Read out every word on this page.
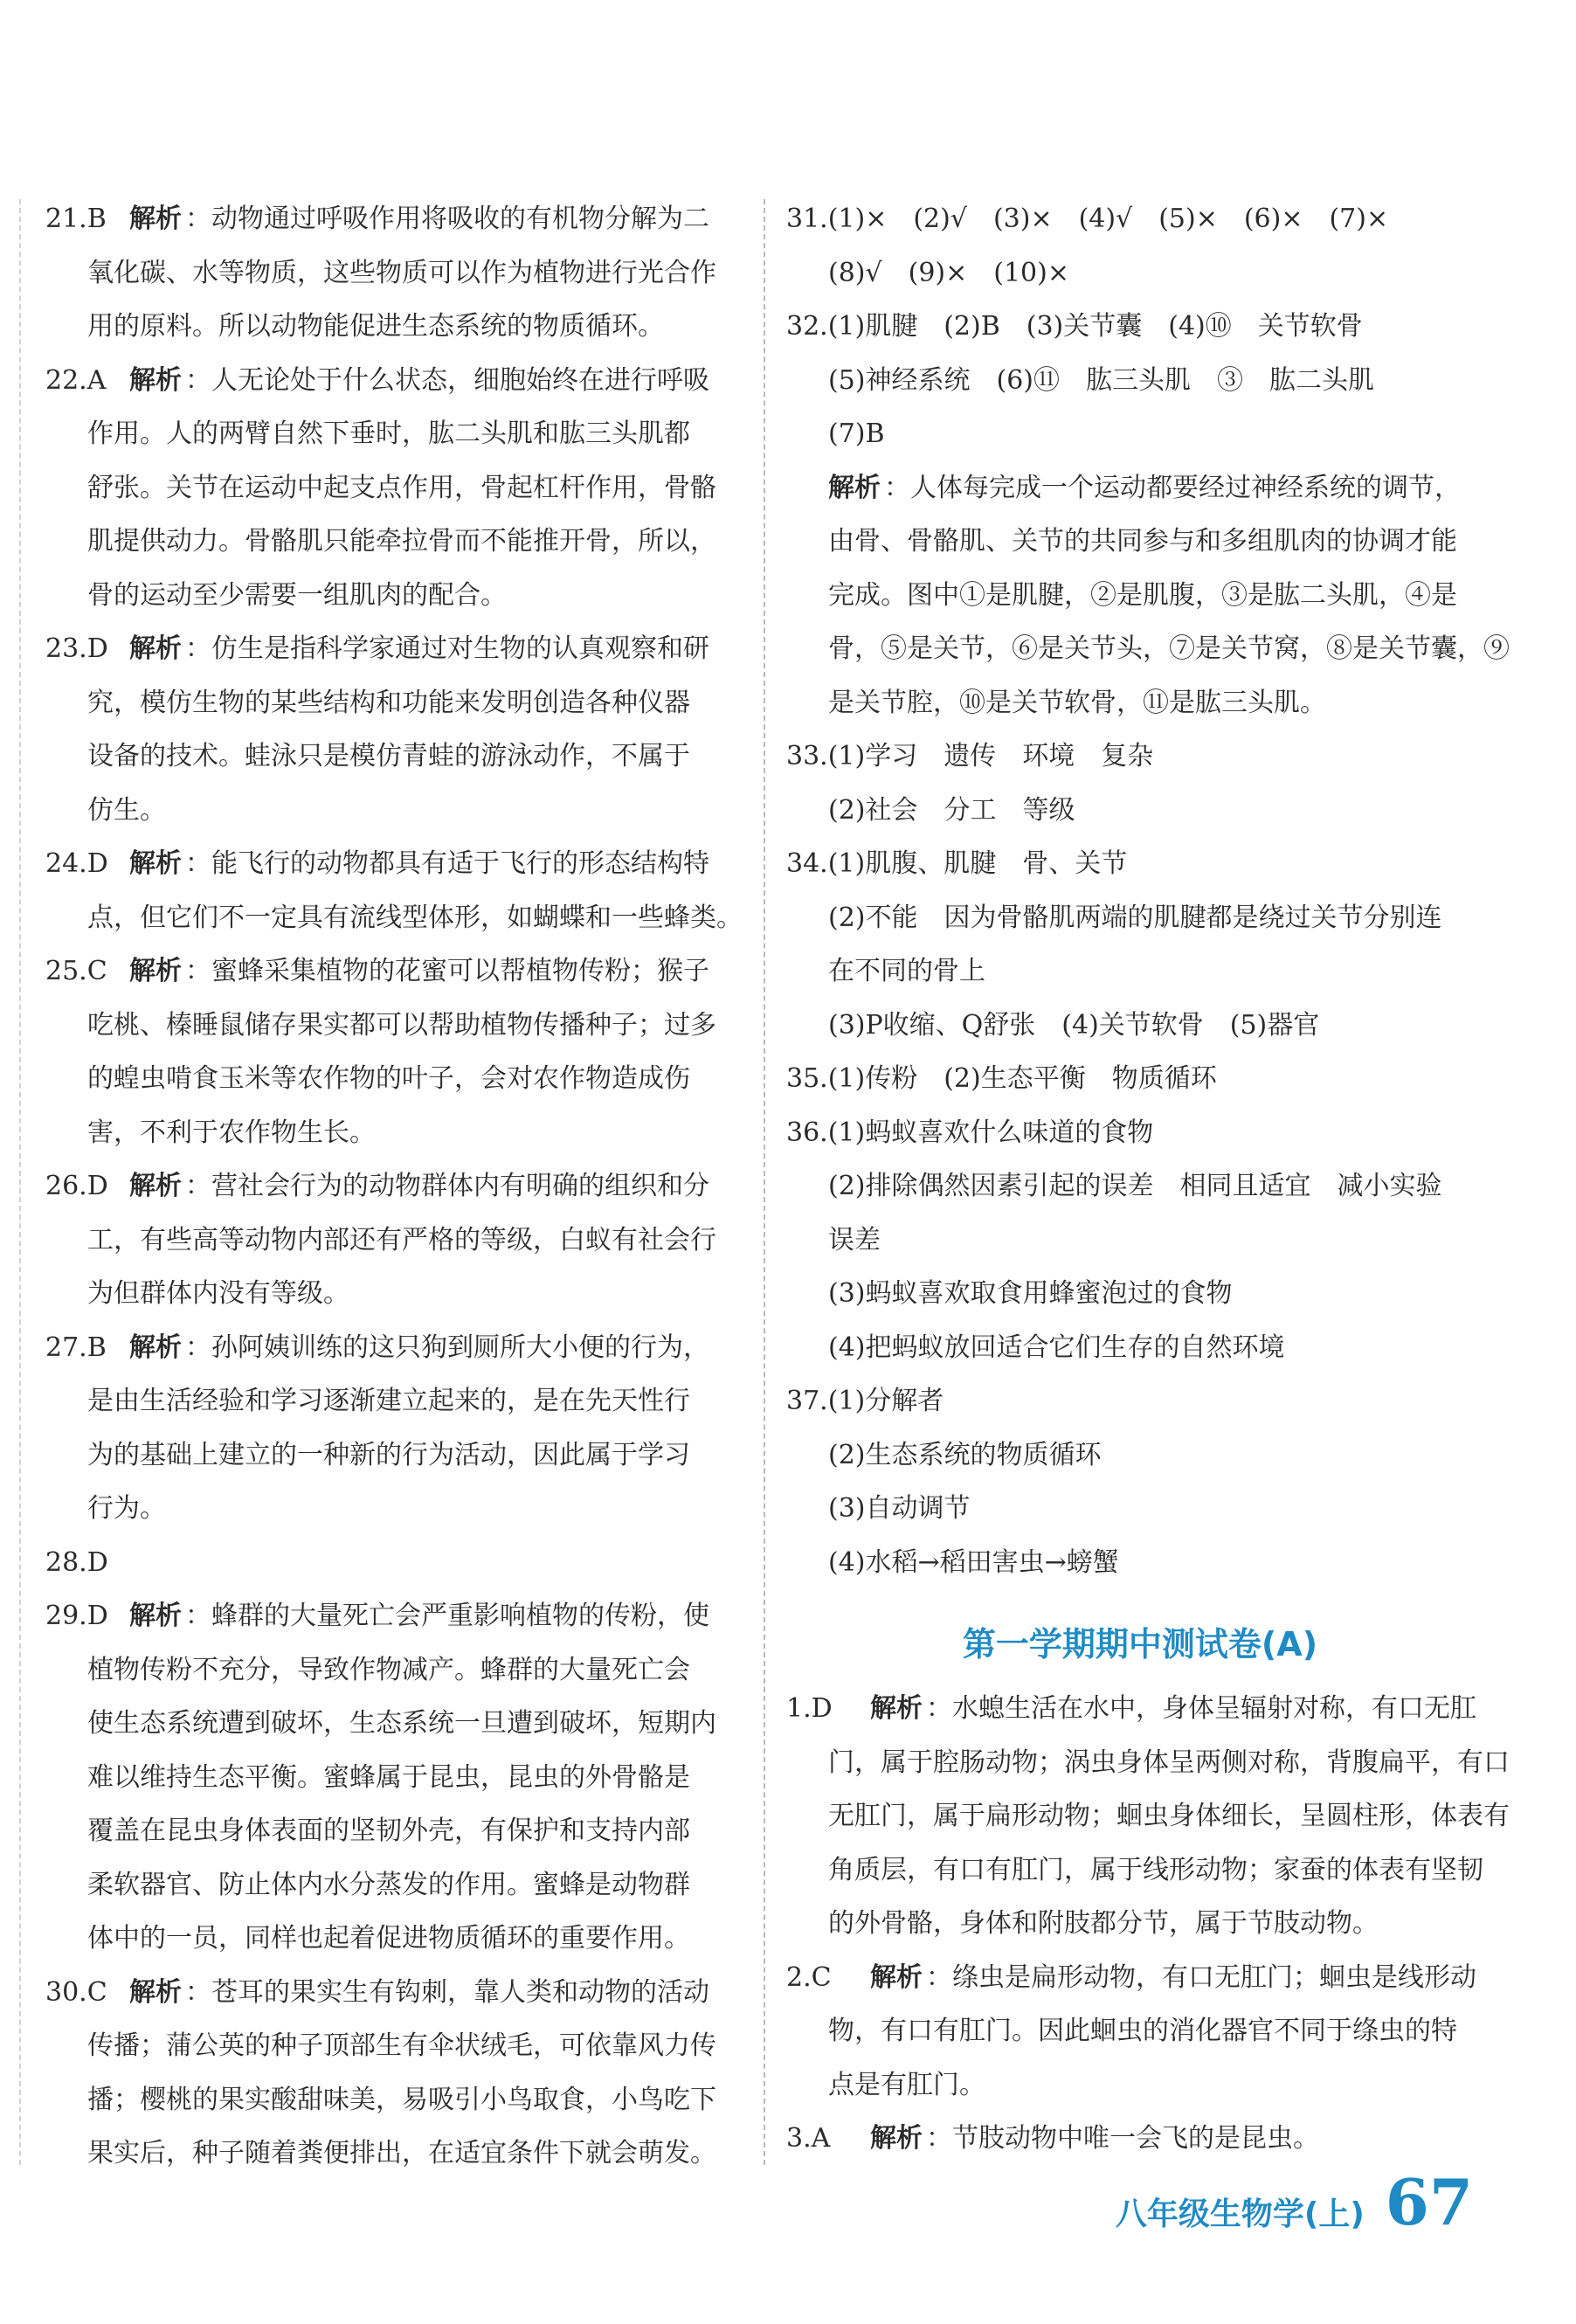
21.B 解析 ：动物通过呼吸作用将吸收的有机物分解为二
氧化碳、水等物质，这些物质可以作为植物进行光合作
用的原料。所以动物能促进生态系统的物质循环。
22.A 解析 ：人无论处于什么状态，细胞始终在进行呼吸
作用。人的两臂自然下垂时，肱二头肌和肱三头肌都
舒张。关节在运动中起支点作用，骨起杠杆作用，骨骼
肌提供动力。骨骼肌只能牵拉骨而不能推开骨，所以，
骨的运动至少需要一组肌肉的配合。
23.D 解析 ：仿生是指科学家通过对生物的认真观察和研
究，模仿生物的某些结构和功能来发明创造各种仪器
设备的技术。蛙泳只是模仿青蛙的游泳动作，不属于
仿生。
24.D 解析 ：能飞行的动物都具有适于飞行的形态结构特
点，但它们不一定具有流线型体形，如蝴蝶和一些蜂类。
25.C 解析 ：蜜蜂采集植物的花蜜可以帮植物传粉；猴子
吃桃、榛睡鼠储存果实都可以帮助植物传播种子；过多
的蝗虫啃食玉米等农作物的叶子，会对农作物造成伤
害，不利于农作物生长。
26.D 解析 ：营社会行为的动物群体内有明确的组织和分
工，有些高等动物内部还有严格的等级，白蚁有社会行
为但群体内没有等级。
27.B 解析 ：孙阿姨训练的这只狗到厕所大小便的行为，
是由生活经验和学习逐渐建立起来的，是在先天性行
为的基础上建立的一种新的行为活动，因此属于学习
行为。
28.D
29.D 解析 ：蜂群的大量死亡会严重影响植物的传粉，使
植物传粉不充分，导致作物减产。蜂群的大量死亡会
使生态系统遭到破坏，生态系统一旦遭到破坏，短期内
难以维持生态平衡。蜜蜂属于昆虫，昆虫的外骨骼是
覆盖在昆虫身体表面的坚韧外壳，有保护和支持内部
柔软器官、防止体内水分蒸发的作用。蜜蜂是动物群
体中的一员，同样也起着促进物质循环的重要作用。
30.C 解析 ：苍耳的果实生有钩刺，靠人类和动物的活动
传播；蒲公英的种子顶部生有伞状绒毛，可依靠风力传
播；樱桃的果实酸甜味美，易吸引小鸟取食，小鸟吃下
果实后，种子随着粪便排出，在适宜条件下就会萌发。
31.(1)×　(2)√　(3)×　(4)√　(5)×　(6)×　(7)×
(8)√　(9)×　(10)×
32.(1)肌腱　(2)B　(3)关节囊　(4)⑩　关节软骨
(5)神经系统　(6)⑪　肱三头肌　③　肱二头肌
(7)B
解析 ：人体每完成一个运动都要经过神经系统的调节，
由骨、骨骼肌、关节的共同参与和多组肌肉的协调才能
完成。图中①是肌腱，②是肌腹，③是肱二头肌，④是
骨，⑤是关节，⑥是关节头，⑦是关节窝，⑧是关节囊，⑨
是关节腔，⑩是关节软骨，⑪是肱三头肌。
33.(1)学习　遗传　环境　复杂
(2)社会　分工　等级
34.(1)肌腹、肌腱　骨、关节
(2)不能　因为骨骼肌两端的肌腱都是绕过关节分别连
在不同的骨上
(3)P收缩、Q舒张　(4)关节软骨　(5)器官
35.(1)传粉　(2)生态平衡　物质循环
36.(1)蚂蚁喜欢什么味道的食物
(2)排除偶然因素引起的误差　相同且适宜　减小实验
误差
(3)蚂蚁喜欢取食用蜂蜜泡过的食物
(4)把蚂蚁放回适合它们生存的自然环境
37.(1)分解者
(2)生态系统的物质循环
(3)自动调节
(4)水稻→稻田害虫→螃蟹
第一学期期中测试卷(A)
1.D 解析 ：水螅生活在水中，身体呈辐射对称，有口无肛
门，属于腔肠动物；涡虫身体呈两侧对称，背腹扁平，有口
无肛门，属于扁形动物；蛔虫身体细长，呈圆柱形，体表有
角质层，有口有肛门，属于线形动物；家蚕的体表有坚韧
的外骨骼，身体和附肢都分节，属于节肢动物。
2.C 解析 ：绦虫是扁形动物，有口无肛门；蛔虫是线形动
物，有口有肛门。因此蛔虫的消化器官不同于绦虫的特
点是有肛门。
3.A 解析 ：节肢动物中唯一会飞的是昆虫。
八年级生物学(上) 67
